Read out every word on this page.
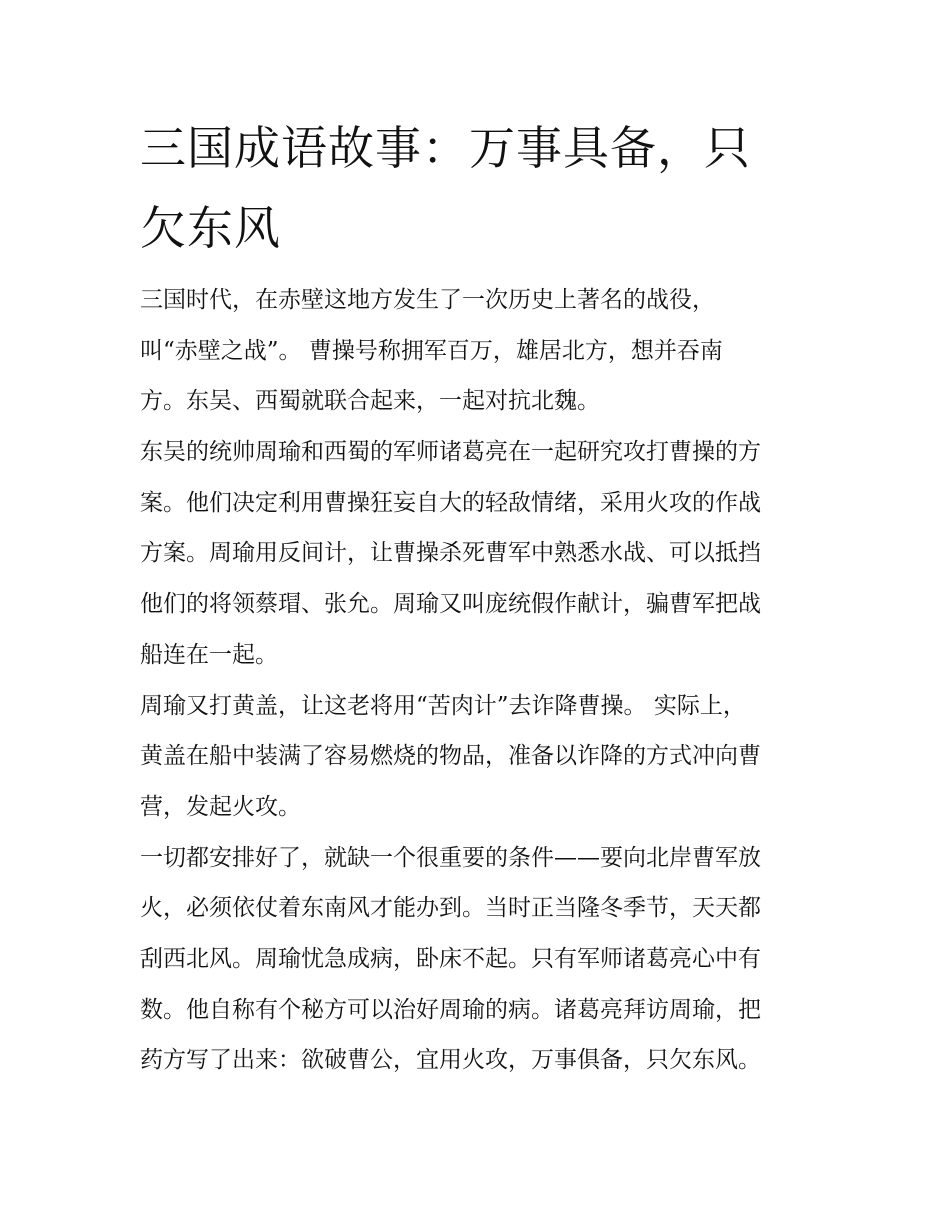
三国成语故事：万事具备，只
欠东风
三国时代，在赤壁这地方发生了一次历史上著名的战役，
叫“赤壁之战”。 曹操号称拥军百万，雄居北方，想并吞南
方。东吴、西蜀就联合起来，一起对抗北魏。
东吴的统帅周瑜和西蜀的军师诸葛亮在一起研究攻打曹操的方
案。他们决定利用曹操狂妄自大的轻敌情绪，采用火攻的作战
方案。周瑜用反间计，让曹操杀死曹军中熟悉水战、可以抵挡
他们的将领蔡瑁、张允。周瑜又叫庞统假作献计，骗曹军把战
船连在一起。
周瑜又打黄盖，让这老将用“苦肉计”去诈降曹操。 实际上，
黄盖在船中装满了容易燃烧的物品，准备以诈降的方式冲向曹
营，发起火攻。
一切都安排好了，就缺一个很重要的条件——要向北岸曹军放
火，必须依仗着东南风才能办到。当时正当隆冬季节，天天都
刮西北风。周瑜忧急成病，卧床不起。只有军师诸葛亮心中有
数。他自称有个秘方可以治好周瑜的病。诸葛亮拜访周瑜，把
药方写了出来：欲破曹公，宜用火攻，万事俱备，只欠东风。
